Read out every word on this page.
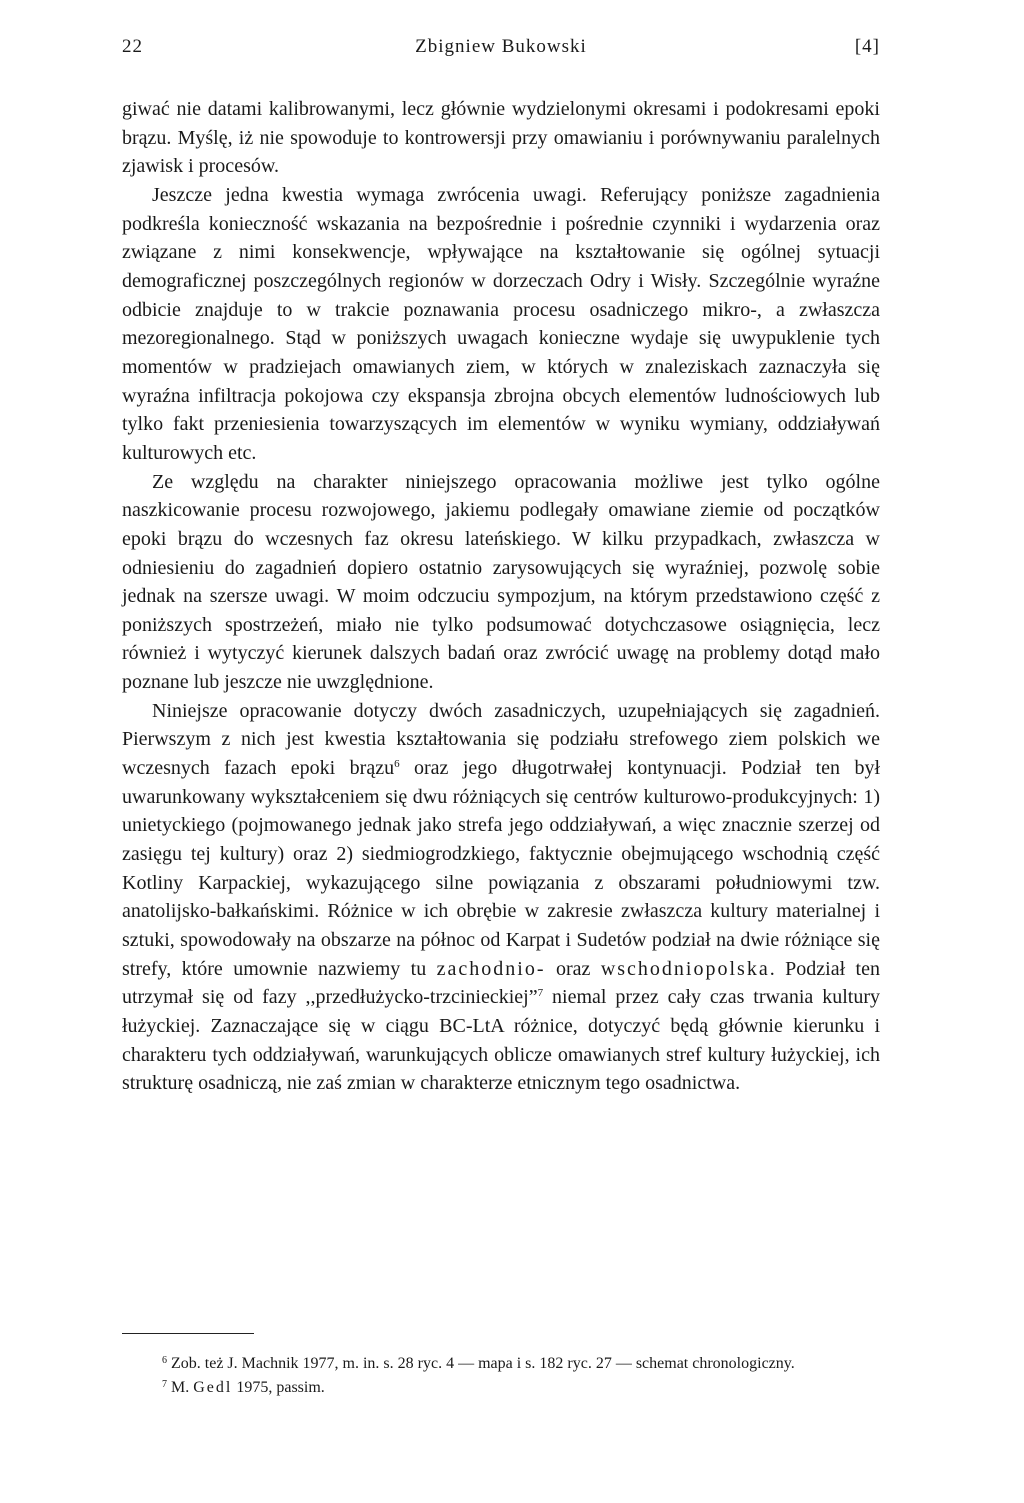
22	Zbigniew Bukowski	[4]

giwać nie datami kalibrowanymi, lecz głównie wydzielonymi okresami i podokresami epoki brązu. Myślę, iż nie spowoduje to kontrowersji przy omawianiu i porównywaniu paralelnych zjawisk i procesów.

Jeszcze jedna kwestia wymaga zwrócenia uwagi. Referujący poniższe zagadnienia podkreśla konieczność wskazania na bezpośrednie i pośrednie czynniki i wydarzenia oraz związane z nimi konsekwencje, wpływające na kształtowanie się ogólnej sytuacji demograficznej poszczególnych regionów w dorzeczach Odry i Wisły. Szczególnie wyraźne odbicie znajduje to w trakcie poznawania procesu osadniczego mikro-, a zwłaszcza mezoregionalnego. Stąd w poniższych uwagach konieczne wydaje się uwypuklenie tych momentów w pradziejach omawianych ziem, w których w znaleziskach zaznaczyła się wyraźna infiltracja pokojowa czy ekspansja zbrojna obcych elementów ludnościowych lub tylko fakt przeniesienia towarzyszących im elementów w wyniku wymiany, oddziaływań kulturowych etc.

Ze względu na charakter niniejszego opracowania możliwe jest tylko ogólne naszkicowanie procesu rozwojowego, jakiemu podlegały omawiane ziemie od początków epoki brązu do wczesnych faz okresu lateńskiego. W kilku przypadkach, zwłaszcza w odniesieniu do zagadnień dopiero ostatnio zarysowujących się wyraźniej, pozwolę sobie jednak na szersze uwagi. W moim odczuciu sympozjum, na którym przedstawiono część z poniższych spostrzeżeń, miało nie tylko podsumować dotychczasowe osiągnięcia, lecz również i wytyczyć kierunek dalszych badań oraz zwrócić uwagę na problemy dotąd mało poznane lub jeszcze nie uwzględnione.

Niniejsze opracowanie dotyczy dwóch zasadniczych, uzupełniających się zagadnień. Pierwszym z nich jest kwestia kształtowania się podziału strefowego ziem polskich we wczesnych fazach epoki brązu$^6$ oraz jego długotrwałej kontynuacji. Podział ten był uwarunkowany wykształceniem się dwu różniących się centrów kulturowo-produkcyjnych: 1) unietyckiego (pojmowanego jednak jako strefa jego oddziaływań, a więc znacznie szerzej od zasięgu tej kultury) oraz 2) siedmiogrodzkiego, faktycznie obejmującego wschodnią część Kotliny Karpackiej, wykazującego silne powiązania z obszarami południowymi tzw. anatolijsko-bałkańskimi. Różnice w ich obrębie w zakresie zwłaszcza kultury materialnej i sztuki, spowodowały na obszarze na północ od Karpat i Sudetów podział na dwie różniące się strefy, które umownie nazwiemy tu zachodnio- oraz wschodniopolska. Podział ten utrzymał się od fazy ,,przedłużycko-trzcinieckiej”$^7$ niemal przez cały czas trwania kultury łużyckiej. Zaznaczające się w ciągu BC-LtA różnice, dotyczyć będą głównie kierunku i charakteru tych oddziaływań, warunkujących oblicze omawianych stref kultury łużyckiej, ich strukturę osadniczą, nie zaś zmian w charakterze etnicznym tego osadnictwa.

$^6$ Zob. też J. Machnik 1977, m. in. s. 28 ryc. 4 — mapa i s. 182 ryc. 27 — schemat chronologiczny.

$^7$ M. Gedl 1975, passim.
